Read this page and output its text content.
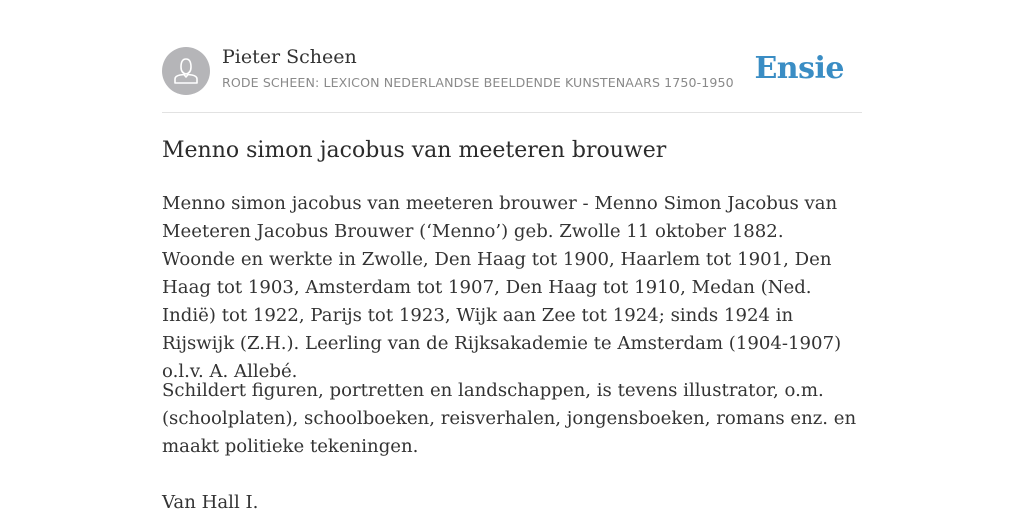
Pieter Scheen
RODE SCHEEN: LEXICON NEDERLANDSE BEELDENDE KUNSTENAARS 1750-1950 Ensie
Menno simon jacobus van meeteren brouwer

Menno simon jacobus van meeteren brouwer - Menno Simon Jacobus van Meeteren Jacobus Brouwer (‘Menno’) geb. Zwolle 11 oktober 1882. Woonde en werkte in Zwolle, Den Haag tot 1900, Haarlem tot 1901, Den Haag tot 1903, Amsterdam tot 1907, Den Haag tot 1910, Medan (Ned. Indië) tot 1922, Parijs tot 1923, Wijk aan Zee tot 1924; sinds 1924 in Rijswijk (Z.H.). Leerling van de Rijksakademie te Amsterdam (1904-1907) o.l.v. A. Allebé.

Schildert figuren, portretten en landschappen, is tevens illustrator, o.m. (schoolplaten), schoolboeken, reisverhalen, jongensboeken, romans enz. en maakt politieke tekeningen.

Van Hall I.
